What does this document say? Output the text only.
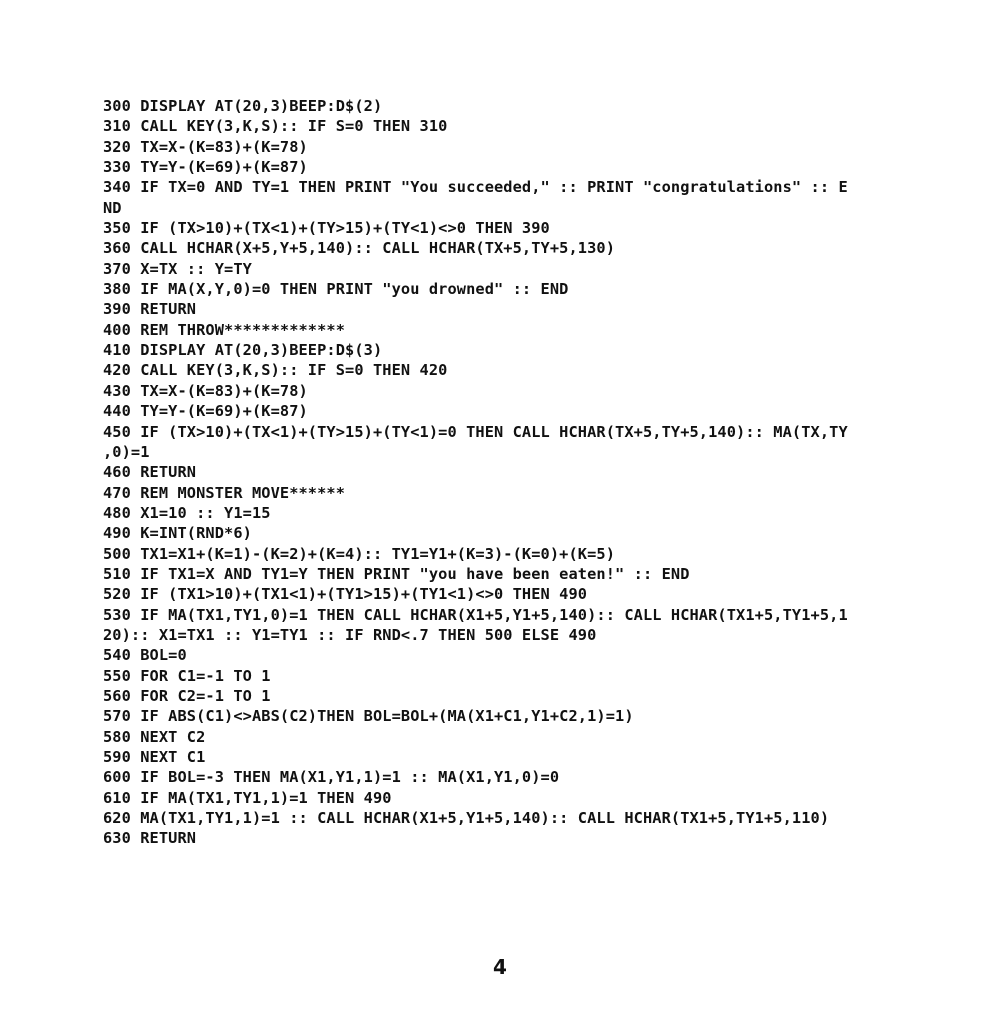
300 DISPLAY AT(20,3)BEEP:D$(2)
310 CALL KEY(3,K,S):: IF S=0 THEN 310
320 TX=X-(K=83)+(K=78)
330 TY=Y-(K=69)+(K=87)
340 IF TX=0 AND TY=1 THEN PRINT "You succeeded," :: PRINT "congratulations" :: E
ND
350 IF (TX>10)+(TX<1)+(TY>15)+(TY<1)<>0 THEN 390
360 CALL HCHAR(X+5,Y+5,140):: CALL HCHAR(TX+5,TY+5,130)
370 X=TX :: Y=TY
380 IF MA(X,Y,0)=0 THEN PRINT "you drowned" :: END
390 RETURN
400 REM THROW*************
410 DISPLAY AT(20,3)BEEP:D$(3)
420 CALL KEY(3,K,S):: IF S=0 THEN 420
430 TX=X-(K=83)+(K=78)
440 TY=Y-(K=69)+(K=87)
450 IF (TX>10)+(TX<1)+(TY>15)+(TY<1)=0 THEN CALL HCHAR(TX+5,TY+5,140):: MA(TX,TY
,0)=1
460 RETURN
470 REM MONSTER MOVE******
480 X1=10 :: Y1=15
490 K=INT(RND*6)
500 TX1=X1+(K=1)-(K=2)+(K=4):: TY1=Y1+(K=3)-(K=0)+(K=5)
510 IF TX1=X AND TY1=Y THEN PRINT "you have been eaten!" :: END
520 IF (TX1>10)+(TX1<1)+(TY1>15)+(TY1<1)<>0 THEN 490
530 IF MA(TX1,TY1,0)=1 THEN CALL HCHAR(X1+5,Y1+5,140):: CALL HCHAR(TX1+5,TY1+5,1
20):: X1=TX1 :: Y1=TY1 :: IF RND<.7 THEN 500 ELSE 490
540 BOL=0
550 FOR C1=-1 TO 1
560 FOR C2=-1 TO 1
570 IF ABS(C1)<>ABS(C2)THEN BOL=BOL+(MA(X1+C1,Y1+C2,1)=1)
580 NEXT C2
590 NEXT C1
600 IF BOL=-3 THEN MA(X1,Y1,1)=1 :: MA(X1,Y1,0)=0
610 IF MA(TX1,TY1,1)=1 THEN 490
620 MA(TX1,TY1,1)=1 :: CALL HCHAR(X1+5,Y1+5,140):: CALL HCHAR(TX1+5,TY1+5,110)
630 RETURN
4
